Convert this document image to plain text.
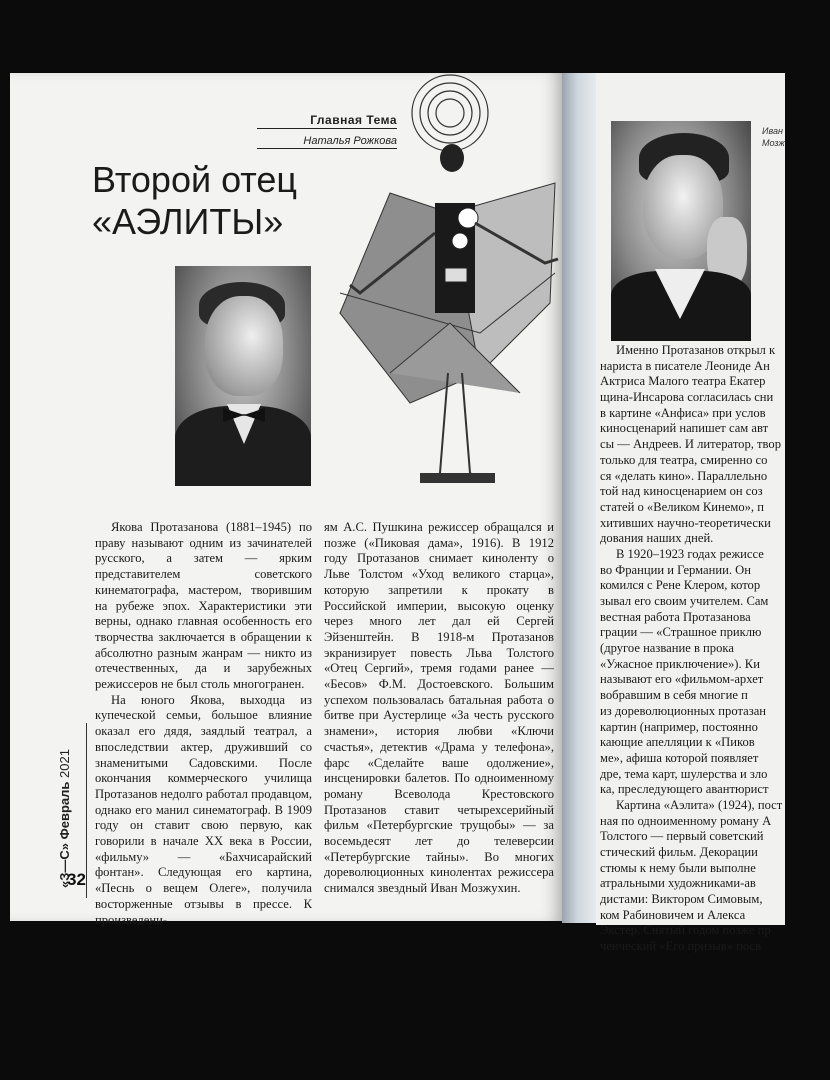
Главная Тема
Наталья Рожкова
Второй отец
«АЭЛИТЫ»

Якова Протазанова (1881–1945) по праву называют одним из зачинателей русского, а затем — ярким представителем советского кинематографа, мастером, творившим на рубеже эпох. Характеристики эти верны, однако главная особенность его творчества заключается в обращении к абсолютно разным жанрам — никто из отечественных, да и зарубежных режиссеров не был столь многогранен.

На юного Якова, выходца из купеческой семьи, большое влияние оказал его дядя, заядлый театрал, а впоследствии актер, друживший со знаменитыми Садовскими. После окончания коммерческого училища Протазанов недолго работал продавцом, однако его манил синематограф. В 1909 году он ставит свою первую, как говорили в начале XX века в России, «фильму» — «Бахчисарайский фонтан». Следующая его картина, «Песнь о вещем Олеге», получила восторженные отзывы в прессе. К произведени-

ям А.С. Пушкина режиссер обращался и позже («Пиковая дама», 1916). В 1912 году Протазанов снимает киноленту о Льве Толстом «Уход великого старца», которую запретили к прокату в Российской империи, высокую оценку через много лет дал ей Сергей Эйзенштейн. В 1918-м Протазанов экранизирует повесть Льва Толстого «Отец Сергий», тремя годами ранее — «Бесов» Ф.М. Достоевского. Большим успехом пользовалась батальная работа о битве при Аустерлице «За честь русского знамени», история любви «Ключи счастья», детектив «Драма у телефона», фарс «Сделайте ваше одолжение», инсценировки балетов. По одноименному роману Всеволода Крестовского Протазанов ставит четырехсерийный фильм «Петербургские трущобы» — за восемьдесят лет до телеверсии «Петербургские тайны». Во многих дореволюционных кинолентах режиссера снимался звездный Иван Мозжухин.

«З—С» Февраль 2021
32
Иван
Мозж
Именно Протазанов открыл к
нариста в писателе Леониде Ан
Актриса Малого театра Екатер
щина-Инсарова согласилась сни
в картине «Анфиса» при услов
киносценарий напишет сам авт
сы — Андреев. И литератор, твор
только для театра, смиренно со
ся «делать кино». Параллельно
той над киносценарием он соз
статей о «Великом Кинемо», п
хитивших научно-теоретически
дования наших дней.
В 1920–1923 годах режиссе
во Франции и Германии. Он
комился с Рене Клером, котор
зывал его своим учителем. Сам
вестная работа Протазанова
грации — «Страшное приклю
(другое название в прока
«Ужасное приключение»). Ки
называют его «фильмом-архет
вобравшим в себя многие п
из дореволюционных протазан
картин (например, постоянно
кающие апелляции к «Пиков
ме», афиша которой появляет
дре, тема карт, шулерства и зло
ка, преследующего авантюрист
Картина «Аэлита» (1924), пост
ная по одноименному роману А
Толстого — первый советский
стический фильм. Декорации
стюмы к нему были выполне
атральными художниками-ав
дистами: Виктором Симовым,
ком Рабиновичем и Алекса
Экстер. Снятый годом позже пр
ченческий «Его призыв» посв
